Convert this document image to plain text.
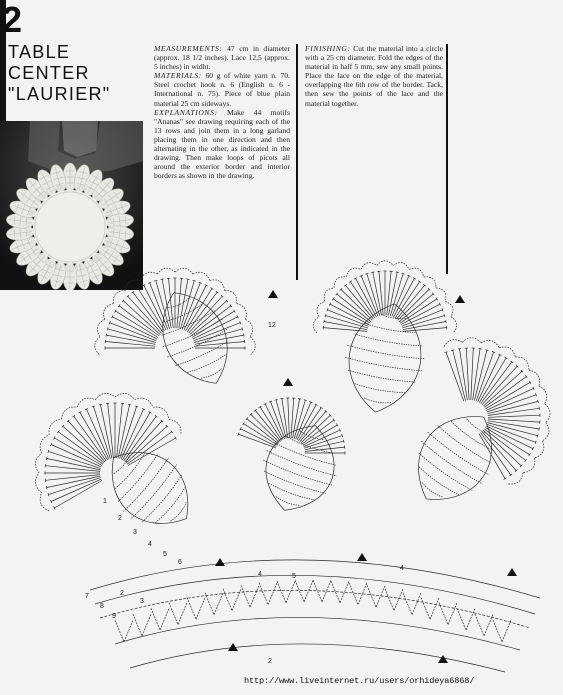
2
TABLE
CENTER
"LAURIER"

MEASUREMENTS: 47 cm in diameter (approx. 18 1/2 inches). Lace 12,5 (approx. 5 inches) in widht.

MATERIALS: 60 g of white yarn n. 70. Steel crochet hook n. 6 (English n. 6 - International n. 75). Piece of blue plain material 25 cm sideways.

EXPLANATIONS: Make 44 motifs "Ananas" see drawing requiring each of the 13 rows and join them in a long garland placing them in one direction and then alternating in the other, as indicated in the drawing. Then make loops of picots all around the exterior border and interior borders as shown in the drawing.

FINISHING: Cut the material into a circle with a 25 cm diameter. Fold the edges of the material in half 5 mm, sew any small points. Place the lace on the edge of the material, overlapping the 6th row of the border. Tack, then sew the points of the lace and the material together.

12
1
2
3
4
5
6
7
8
9
2
4
4
5
2
3
http://www.liveinternet.ru/users/orhideya6868/
